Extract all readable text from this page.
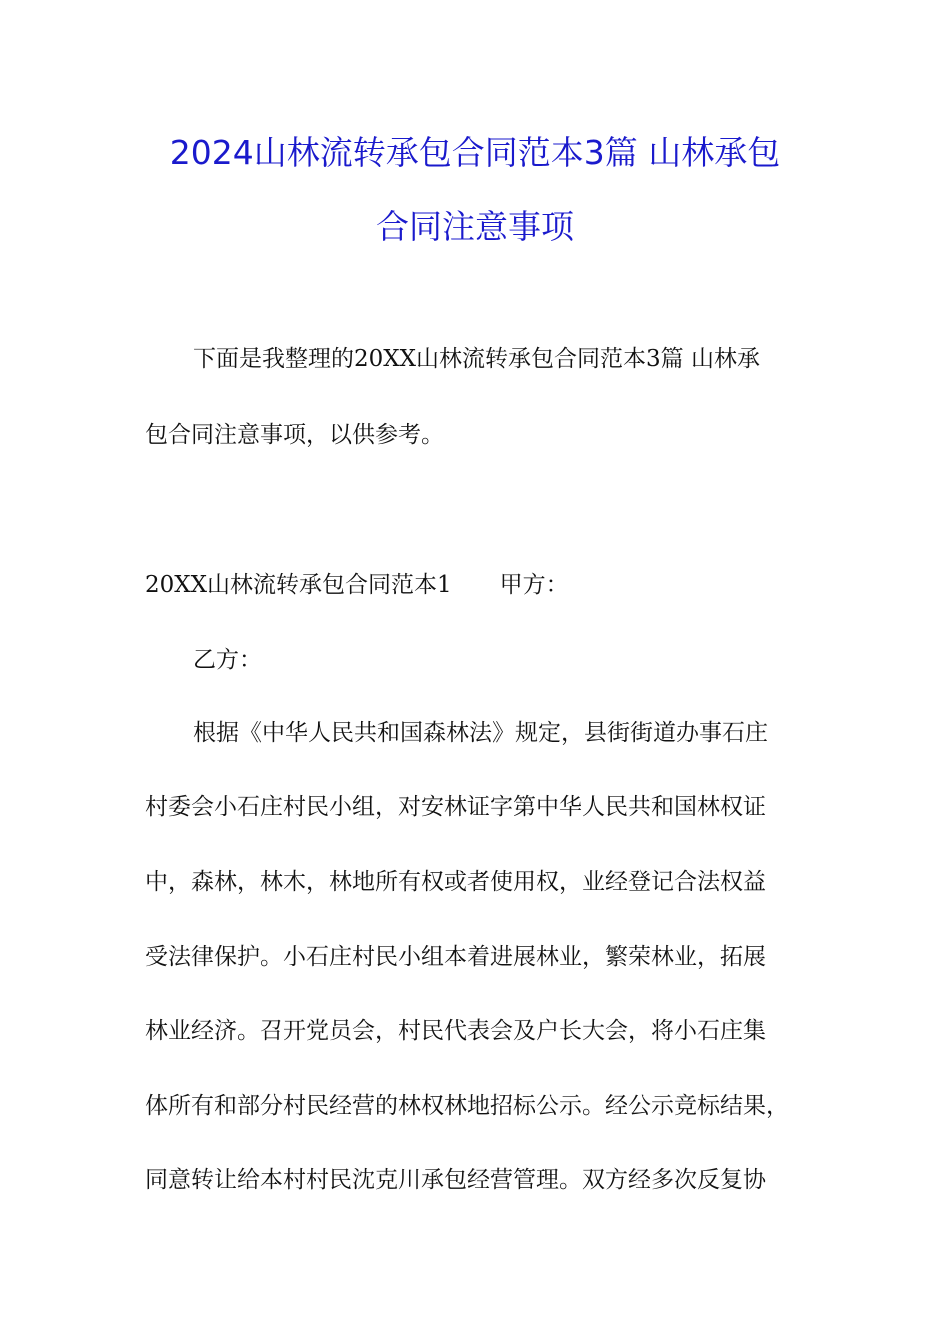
2024山林流转承包合同范本3篇 山林承包
合同注意事项
下面是我整理的20XX山林流转承包合同范本3篇 山林承
包合同注意事项，以供参考。
20XX山林流转承包合同范本1 甲方：
乙方：
根据《中华人民共和国森林法》规定，县街街道办事石庄
村委会小石庄村民小组，对安林证字第中华人民共和国林权证
中，森林，林木，林地所有权或者使用权，业经登记合法权益
受法律保护。小石庄村民小组本着进展林业，繁荣林业，拓展
林业经济。召开党员会，村民代表会及户长大会，将小石庄集
体所有和部分村民经营的林权林地招标公示。经公示竞标结果，
同意转让给本村村民沈克川承包经营管理。双方经多次反复协
